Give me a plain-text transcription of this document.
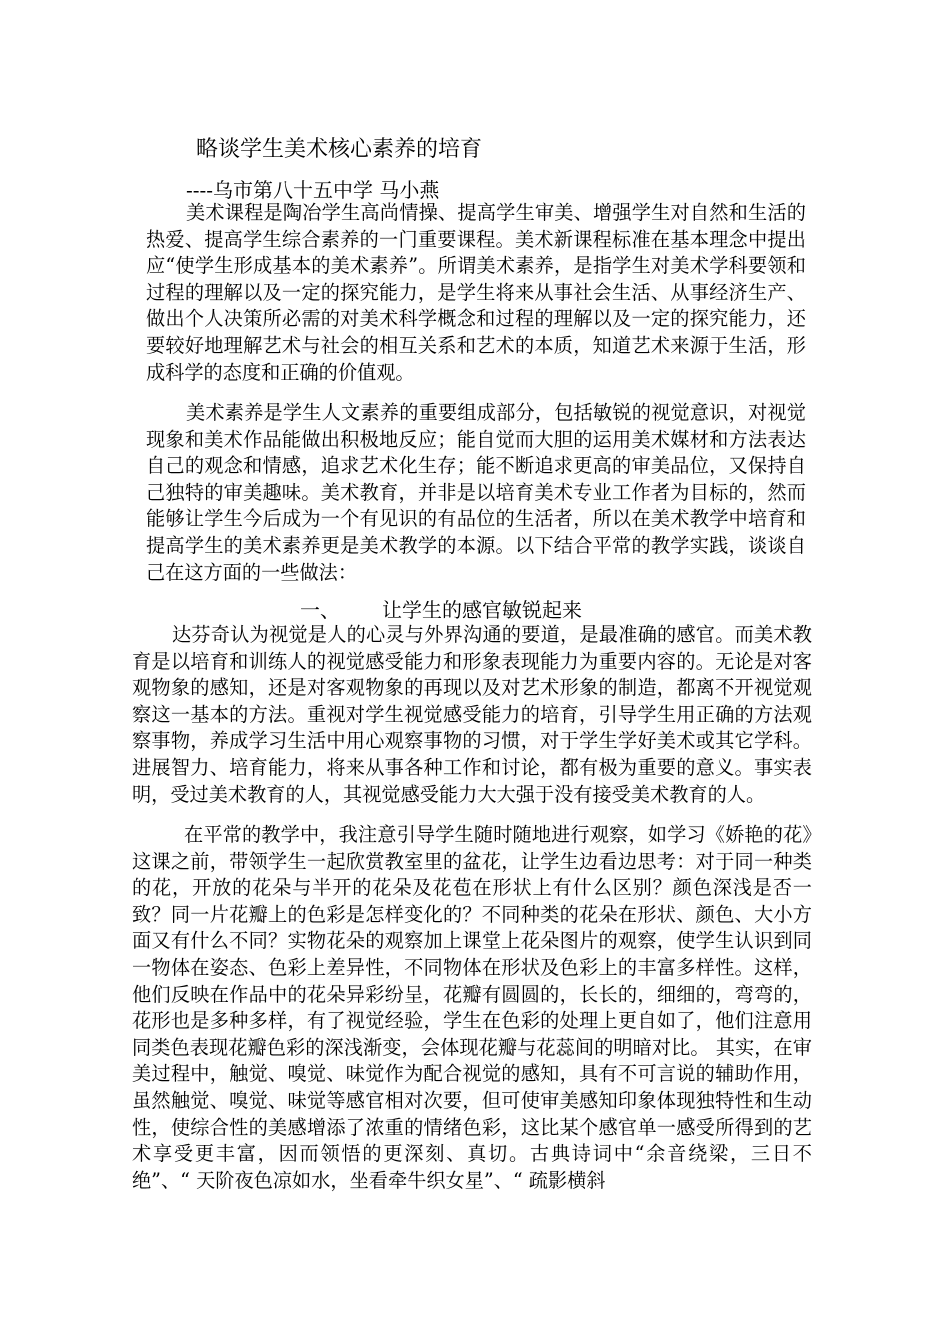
略谈学生美术核心素养的培育
----乌市第八十五中学 马小燕

美术课程是陶冶学生高尚情操、提高学生审美、增强学生对自然和生活的热爱、提高学生综合素养的一门重要课程。美术新课程标准在基本理念中提出应“使学生形成基本的美术素养”。所谓美术素养，是指学生对美术学科要领和过程的理解以及一定的探究能力，是学生将来从事社会生活、从事经济生产、做出个人决策所必需的对美术科学概念和过程的理解以及一定的探究能力，还要较好地理解艺术与社会的相互关系和艺术的本质，知道艺术来源于生活，形成科学的态度和正确的价值观。

美术素养是学生人文素养的重要组成部分，包括敏锐的视觉意识，对视觉现象和美术作品能做出积极地反应；能自觉而大胆的运用美术媒材和方法表达自己的观念和情感，追求艺术化生存；能不断追求更高的审美品位，又保持自己独特的审美趣味。美术教育，并非是以培育美术专业工作者为目标的，然而能够让学生今后成为一个有见识的有品位的生活者，所以在美术教学中培育和提高学生的美术素养更是美术教学的本源。以下结合平常的教学实践，谈谈自己在这方面的一些做法：

一、 让学生的感官敏锐起来

达芬奇认为视觉是人的心灵与外界沟通的要道，是最准确的感官。而美术教育是以培育和训练人的视觉感受能力和形象表现能力为重要内容的。无论是对客观物象的感知，还是对客观物象的再现以及对艺术形象的制造，都离不开视觉观察这一基本的方法。重视对学生视觉感受能力的培育，引导学生用正确的方法观察事物，养成学习生活中用心观察事物的习惯，对于学生学好美术或其它学科。进展智力、培育能力，将来从事各种工作和讨论，都有极为重要的意义。事实表明，受过美术教育的人，其视觉感受能力大大强于没有接受美术教育的人。

在平常的教学中，我注意引导学生随时随地进行观察，如学习《娇艳的花》这课之前，带领学生一起欣赏教室里的盆花，让学生边看边思考：对于同一种类的花，开放的花朵与半开的花朵及花苞在形状上有什么区别？颜色深浅是否一致？同一片花瓣上的色彩是怎样变化的？不同种类的花朵在形状、颜色、大小方面又有什么不同？实物花朵的观察加上课堂上花朵图片的观察，使学生认识到同一物体在姿态、色彩上差异性，不同物体在形状及色彩上的丰富多样性。这样，他们反映在作品中的花朵异彩纷呈，花瓣有圆圆的，长长的，细细的，弯弯的，花形也是多种多样，有了视觉经验，学生在色彩的处理上更自如了，他们注意用同类色表现花瓣色彩的深浅渐变，会体现花瓣与花蕊间的明暗对比。 其实，在审美过程中，触觉、嗅觉、味觉作为配合视觉的感知，具有不可言说的辅助作用，虽然触觉、嗅觉、味觉等感官相对次要，但可使审美感知印象体现独特性和生动性，使综合性的美感增添了浓重的情绪色彩，这比某个感官单一感受所得到的艺术享受更丰富，因而领悟的更深刻、真切。古典诗词中“余音绕梁，三日不绝”、“ 天阶夜色凉如水，坐看牵牛织女星”、“ 疏影横斜
